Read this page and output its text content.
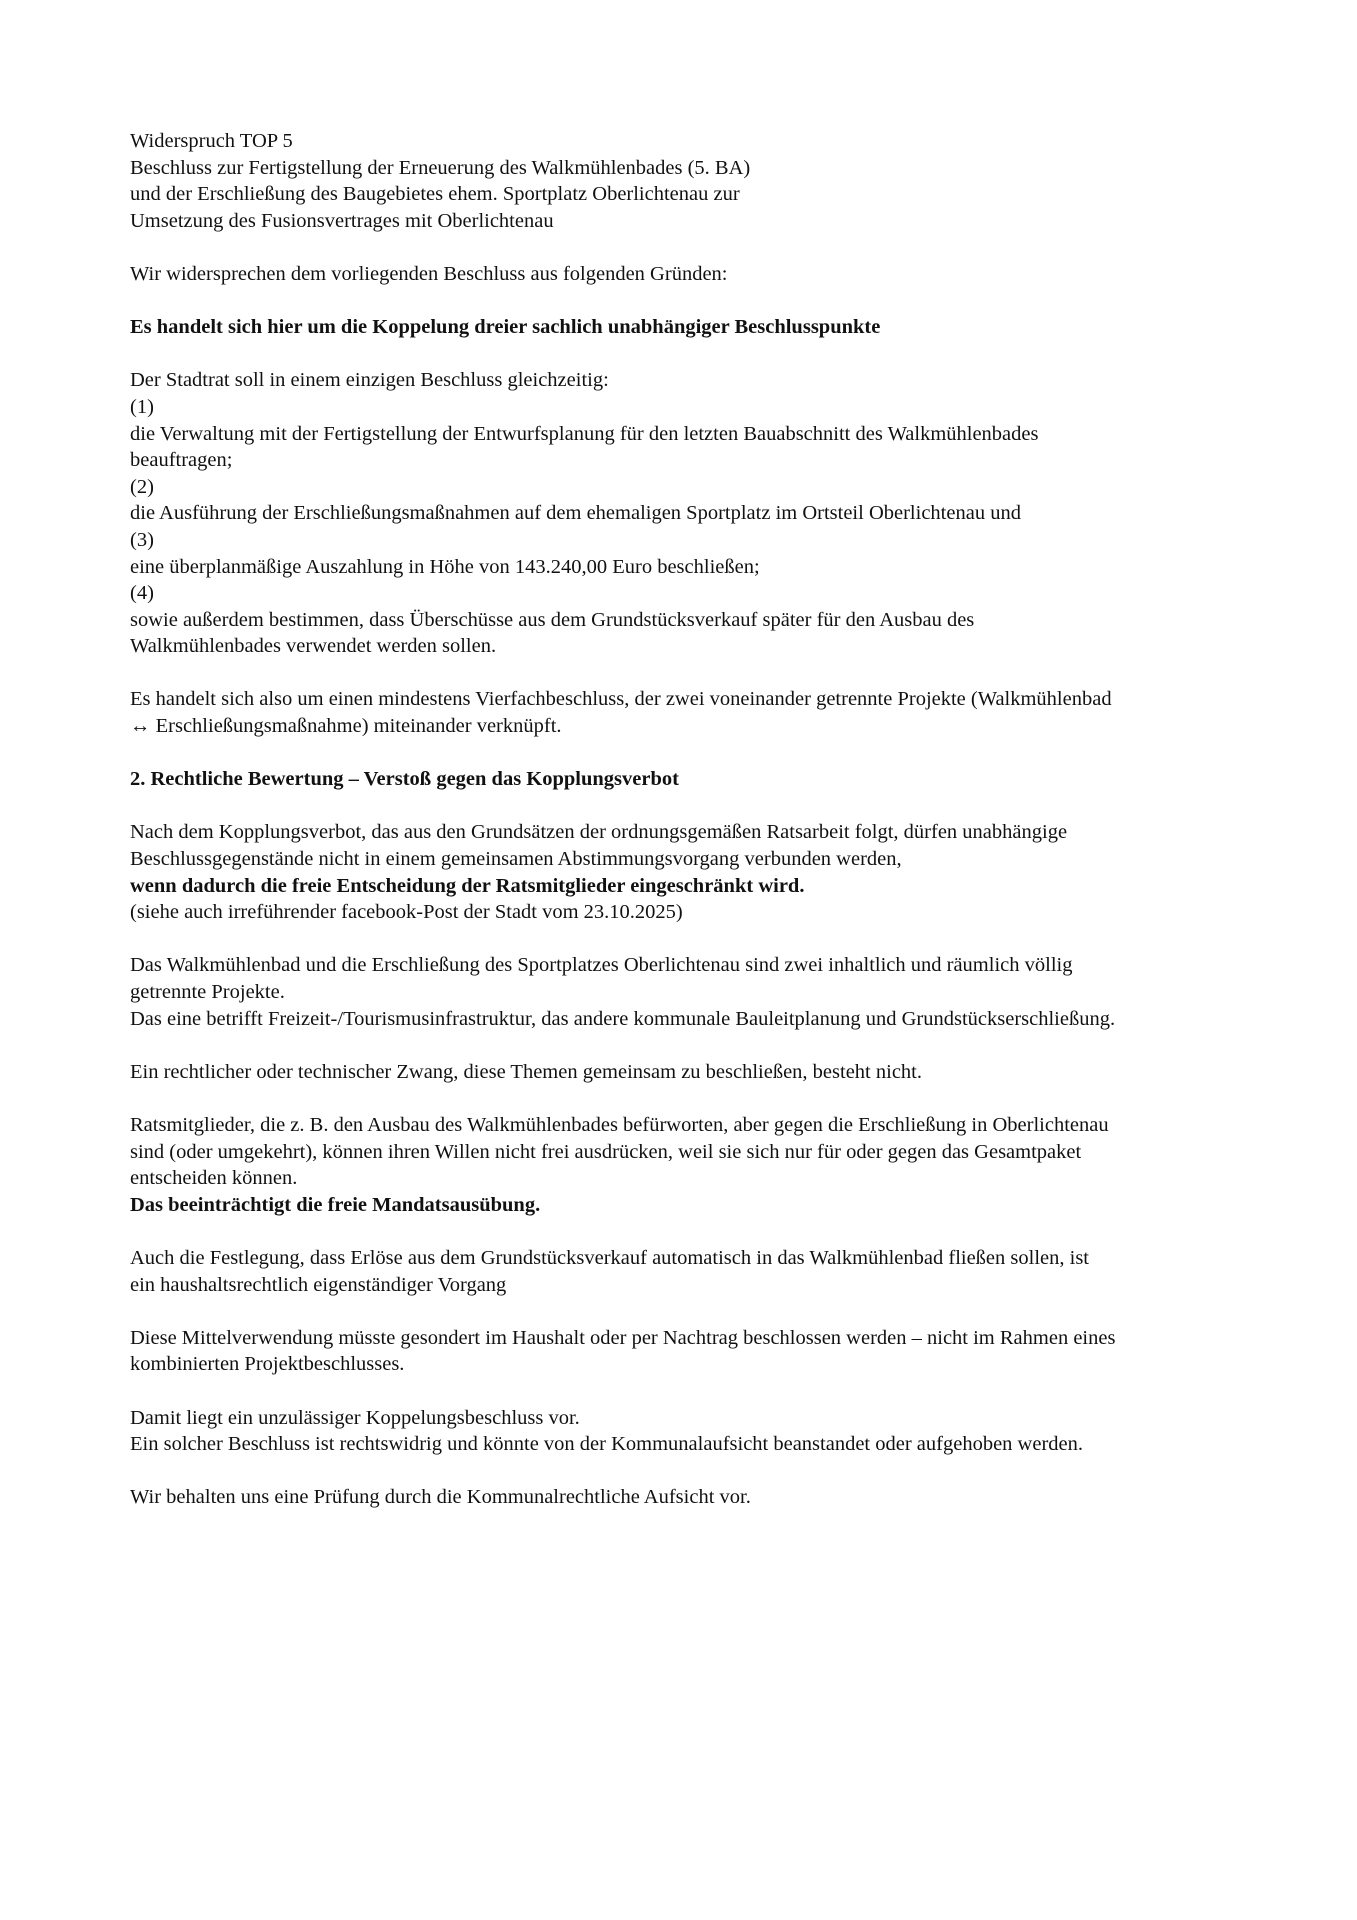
Widerspruch TOP 5
Beschluss zur Fertigstellung der Erneuerung des Walkmühlenbades (5. BA)
und der Erschließung des Baugebietes ehem. Sportplatz Oberlichtenau zur
Umsetzung des Fusionsvertrages mit Oberlichtenau
Wir widersprechen dem vorliegenden Beschluss aus folgenden Gründen:
Es handelt sich hier um die Koppelung dreier sachlich unabhängiger Beschlusspunkte
Der Stadtrat soll in einem einzigen Beschluss gleichzeitig:
(1)
die Verwaltung mit der Fertigstellung der Entwurfsplanung für den letzten Bauabschnitt des Walkmühlenbades
beauftragen;
(2)
die Ausführung der Erschließungsmaßnahmen auf dem ehemaligen Sportplatz im Ortsteil Oberlichtenau und
(3)
eine überplanmäßige Auszahlung in Höhe von 143.240,00 Euro beschließen;
(4)
sowie außerdem bestimmen, dass Überschüsse aus dem Grundstücksverkauf später für den Ausbau des
Walkmühlenbades verwendet werden sollen.
Es handelt sich also um einen mindestens Vierfachbeschluss, der zwei voneinander getrennte Projekte (Walkmühlenbad
↔ Erschließungsmaßnahme) miteinander verknüpft.
2. Rechtliche Bewertung – Verstoß gegen das Kopplungsverbot
Nach dem Kopplungsverbot, das aus den Grundsätzen der ordnungsgemäßen Ratsarbeit folgt, dürfen unabhängige
Beschlussgegenstände nicht in einem gemeinsamen Abstimmungsvorgang verbunden werden,
wenn dadurch die freie Entscheidung der Ratsmitglieder eingeschränkt wird.
(siehe auch irreführender facebook-Post der Stadt vom 23.10.2025)
Das Walkmühlenbad und die Erschließung des Sportplatzes Oberlichtenau sind zwei inhaltlich und räumlich völlig
getrennte Projekte.
Das eine betrifft Freizeit-/Tourismusinfrastruktur, das andere kommunale Bauleitplanung und Grundstückserschließung.
Ein rechtlicher oder technischer Zwang, diese Themen gemeinsam zu beschließen, besteht nicht.
Ratsmitglieder, die z. B. den Ausbau des Walkmühlenbades befürworten, aber gegen die Erschließung in Oberlichtenau
sind (oder umgekehrt), können ihren Willen nicht frei ausdrücken, weil sie sich nur für oder gegen das Gesamtpaket
entscheiden können.
Das beeinträchtigt die freie Mandatsausübung.
Auch die Festlegung, dass Erlöse aus dem Grundstücksverkauf automatisch in das Walkmühlenbad fließen sollen, ist
ein haushaltsrechtlich eigenständiger Vorgang
Diese Mittelverwendung müsste gesondert im Haushalt oder per Nachtrag beschlossen werden – nicht im Rahmen eines
kombinierten Projektbeschlusses.
Damit liegt ein unzulässiger Koppelungsbeschluss vor.
Ein solcher Beschluss ist rechtswidrig und könnte von der Kommunalaufsicht beanstandet oder aufgehoben werden.
Wir behalten uns eine Prüfung durch die Kommunalrechtliche Aufsicht vor.
